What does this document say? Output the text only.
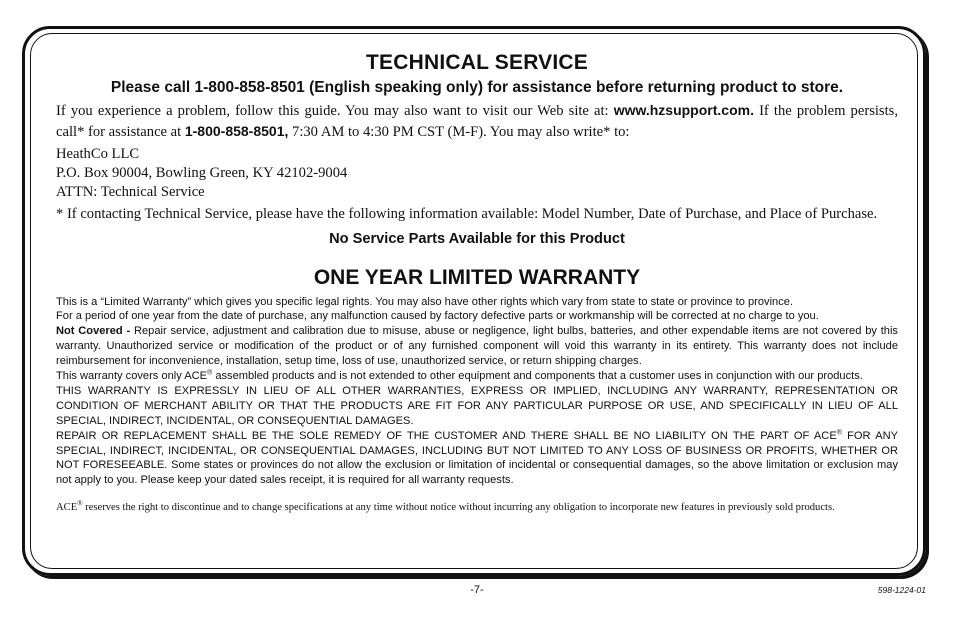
TECHNICAL SERVICE

Please call 1-800-858-8501 (English speaking only) for assistance before returning product to store.

If you experience a problem, follow this guide. You may also want to visit our Web site at: www.hzsupport.com. If the problem persists, call* for assistance at 1-800-858-8501, 7:30 AM to 4:30 PM CST (M-F). You may also write* to:

HeathCo LLC
P.O. Box 90004, Bowling Green, KY 42102-9004
ATTN: Technical Service

* If contacting Technical Service, please have the following information available: Model Number, Date of Purchase, and Place of Purchase.

No Service Parts Available for this Product

ONE YEAR LIMITED WARRANTY

This is a “Limited Warranty” which gives you specific legal rights. You may also have other rights which vary from state to state or province to province.

For a period of one year from the date of purchase, any malfunction caused by factory defective parts or workmanship will be corrected at no charge to you.

Not Covered - Repair service, adjustment and calibration due to misuse, abuse or negligence, light bulbs, batteries, and other expendable items are not covered by this warranty. Unauthorized service or modification of the product or of any furnished component will void this warranty in its entirety. This warranty does not include reimbursement for inconvenience, installation, setup time, loss of use, unauthorized service, or return shipping charges.

This warranty covers only ACE® assembled products and is not extended to other equipment and components that a customer uses in conjunction with our products.

THIS WARRANTY IS EXPRESSLY IN LIEU OF ALL OTHER WARRANTIES, EXPRESS OR IMPLIED, INCLUDING ANY WARRANTY, REPRESENTATION OR CONDITION OF MERCHANT ABILITY OR THAT THE PRODUCTS ARE FIT FOR ANY PARTICULAR PURPOSE OR USE, AND SPECIFICALLY IN LIEU OF ALL SPECIAL, INDIRECT, INCIDENTAL, OR CONSEQUENTIAL DAMAGES.

REPAIR OR REPLACEMENT SHALL BE THE SOLE REMEDY OF THE CUSTOMER AND THERE SHALL BE NO LIABILITY ON THE PART OF ACE® FOR ANY SPECIAL, INDIRECT, INCIDENTAL, OR CONSEQUENTIAL DAMAGES, INCLUDING BUT NOT LIMITED TO ANY LOSS OF BUSINESS OR PROFITS, WHETHER OR NOT FORESEEABLE. Some states or provinces do not allow the exclusion or limitation of incidental or consequential damages, so the above limitation or exclusion may not apply to you. Please keep your dated sales receipt, it is required for all warranty requests.

ACE® reserves the right to discontinue and to change specifications at any time without notice without incurring any obligation to incorporate new features in previously sold products.

-7-	598-1224-01
